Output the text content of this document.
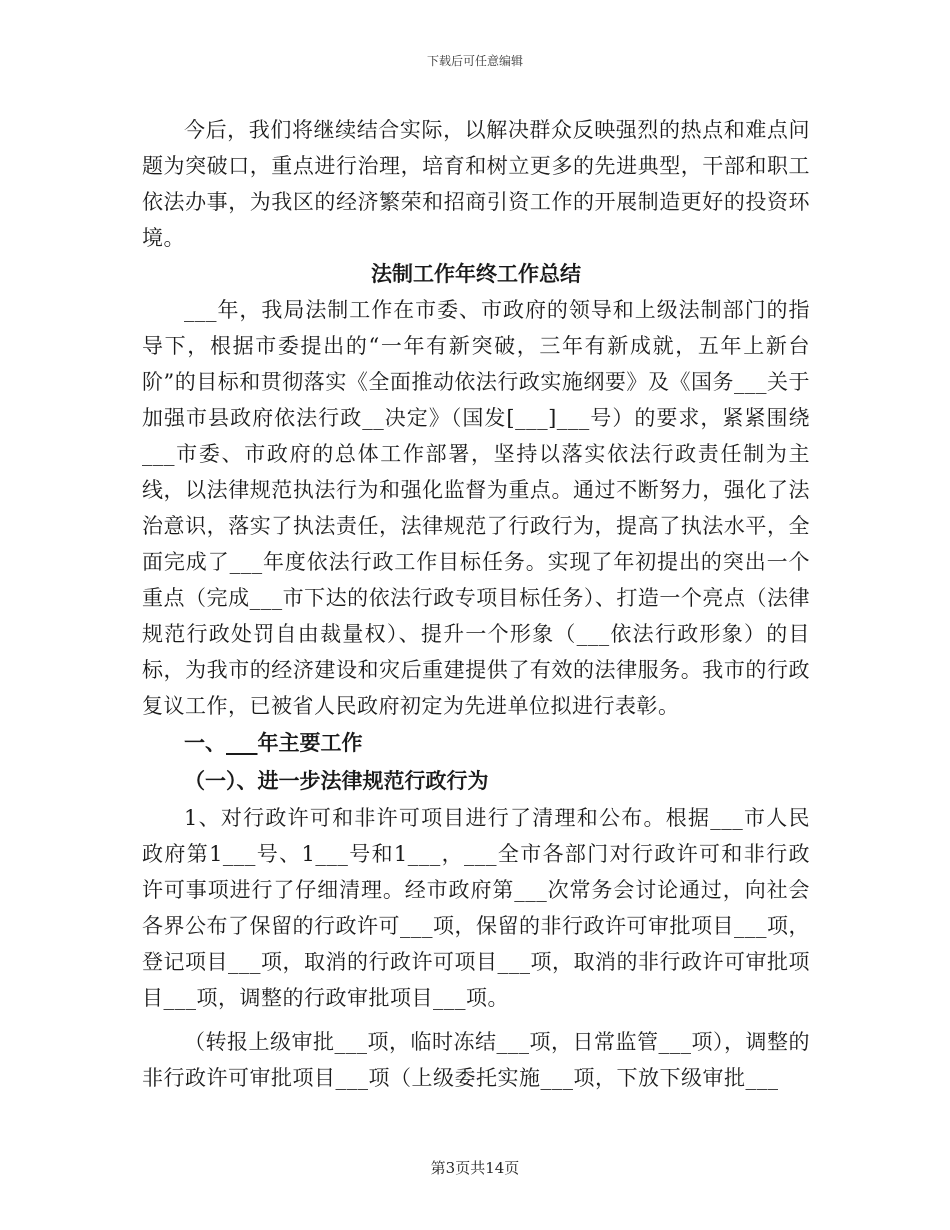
下载后可任意编辑

今后，我们将继续结合实际，以解决群众反映强烈的热点和难点问题为突破口，重点进行治理，培育和树立更多的先进典型，干部和职工依法办事，为我区的经济繁荣和招商引资工作的开展制造更好的投资环境。

法制工作年终工作总结

___年，我局法制工作在市委、市政府的领导和上级法制部门的指导下，根据市委提出的“一年有新突破，三年有新成就，五年上新台阶”的目标和贯彻落实《全面推动依法行政实施纲要》及《国务___关于加强市县政府依法行政__决定》（国发[___]___号）的要求，紧紧围绕___市委、市政府的总体工作部署，坚持以落实依法行政责任制为主线，以法律规范执法行为和强化监督为重点。通过不断努力，强化了法治意识，落实了执法责任，法律规范了行政行为，提高了执法水平，全面完成了___年度依法行政工作目标任务。实现了年初提出的突出一个重点（完成___市下达的依法行政专项目标任务）、打造一个亮点（法律规范行政处罚自由裁量权）、提升一个形象（___依法行政形象）的目标，为我市的经济建设和灾后重建提供了有效的法律服务。我市的行政复议工作，已被省人民政府初定为先进单位拟进行表彰。

一、___年主要工作

（一）、进一步法律规范行政行为

1、对行政许可和非许可项目进行了清理和公布。根据___市人民政府第1___号、1___号和1___，___全市各部门对行政许可和非行政许可事项进行了仔细清理。经市政府第___次常务会讨论通过，向社会各界公布了保留的行政许可___项，保留的非行政许可审批项目___项，登记项目___项，取消的行政许可项目___项，取消的非行政许可审批项目___项，调整的行政审批项目___项。

（转报上级审批___项，临时冻结___项，日常监管___项），调整的非行政许可审批项目___项（上级委托实施___项，下放下级审批___

第3页共14页
